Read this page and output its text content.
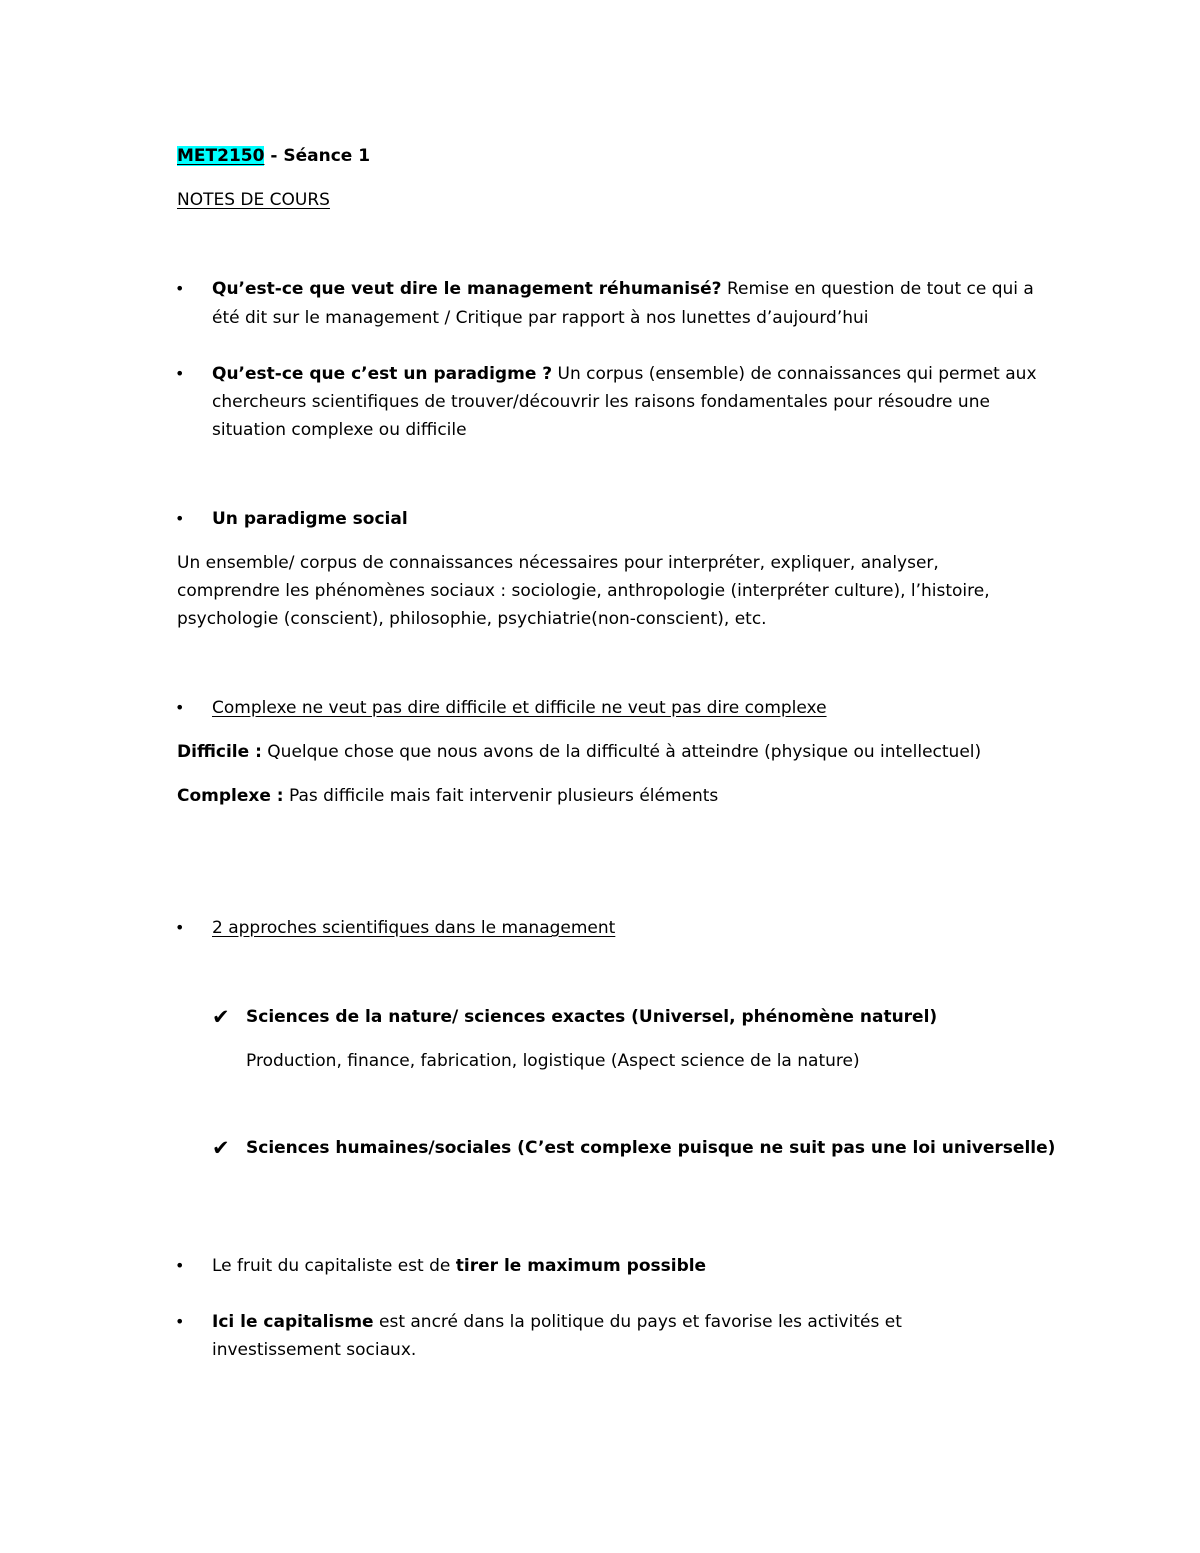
MET2150 - Séance 1
NOTES DE COURS
• Qu’est-ce que veut dire le management réhumanisé? Remise en question de tout ce qui a
été dit sur le management / Critique par rapport à nos lunettes d’aujourd’hui
• Qu’est-ce que c’est un paradigme ? Un corpus (ensemble) de connaissances qui permet aux
chercheurs scientifiques de trouver/découvrir les raisons fondamentales pour résoudre une
situation complexe ou difficile
• Un paradigme social
Un ensemble/ corpus de connaissances nécessaires pour interpréter, expliquer, analyser,
comprendre les phénomènes sociaux : sociologie, anthropologie (interpréter culture), l’histoire,
psychologie (conscient), philosophie, psychiatrie(non-conscient), etc.
• Complexe ne veut pas dire difficile et difficile ne veut pas dire complexe
Difficile : Quelque chose que nous avons de la difficulté à atteindre (physique ou intellectuel)
Complexe : Pas difficile mais fait intervenir plusieurs éléments
• 2 approches scientifiques dans le management
✔ Sciences de la nature/ sciences exactes (Universel, phénomène naturel)
Production, finance, fabrication, logistique (Aspect science de la nature)
✔ Sciences humaines/sociales (C’est complexe puisque ne suit pas une loi universelle)
• Le fruit du capitaliste est de tirer le maximum possible
• Ici le capitalisme est ancré dans la politique du pays et favorise les activités et
investissement sociaux.
